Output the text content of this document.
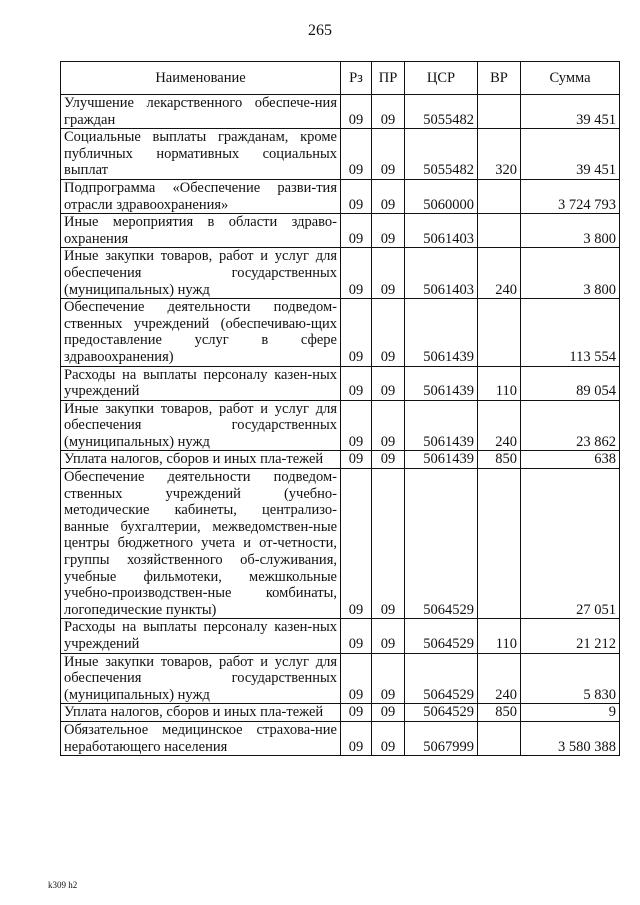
265
Наименование	Рз	ПР	ЦСР	ВР	Сумма
Улучшение лекарственного обеспече-ния граждан	09	09	5055482		39 451
Социальные выплаты гражданам, кроме публичных нормативных социальных выплат	09	09	5055482	320	39 451
Подпрограмма «Обеспечение разви-тия отрасли здравоохранения»	09	09	5060000		3 724 793
Иные мероприятия в области здраво-охранения	09	09	5061403		3 800
Иные закупки товаров, работ и услуг для обеспечения государственных (муниципальных) нужд	09	09	5061403	240	3 800
Обеспечение деятельности подведом-ственных учреждений (обеспечиваю-щих предоставление услуг в сфере здравоохранения)	09	09	5061439		113 554
Расходы на выплаты персоналу казен-ных учреждений	09	09	5061439	110	89 054
Иные закупки товаров, работ и услуг для обеспечения государственных (муниципальных) нужд	09	09	5061439	240	23 862
Уплата налогов, сборов и иных пла-тежей	09	09	5061439	850	638
Обеспечение деятельности подведом-ственных учреждений (учебно-методические кабинеты, централизо-ванные бухгалтерии, межведомствен-ные центры бюджетного учета и от-четности, группы хозяйственного об-служивания, учебные фильмотеки, межшкольные учебно-производствен-ные комбинаты, логопедические пункты)	09	09	5064529		27 051
Расходы на выплаты персоналу казен-ных учреждений	09	09	5064529	110	21 212
Иные закупки товаров, работ и услуг для обеспечения государственных (муниципальных) нужд	09	09	5064529	240	5 830
Уплата налогов, сборов и иных пла-тежей	09	09	5064529	850	9
Обязательное медицинское страхова-ние неработающего населения	09	09	5067999		3 580 388
k309 h2
